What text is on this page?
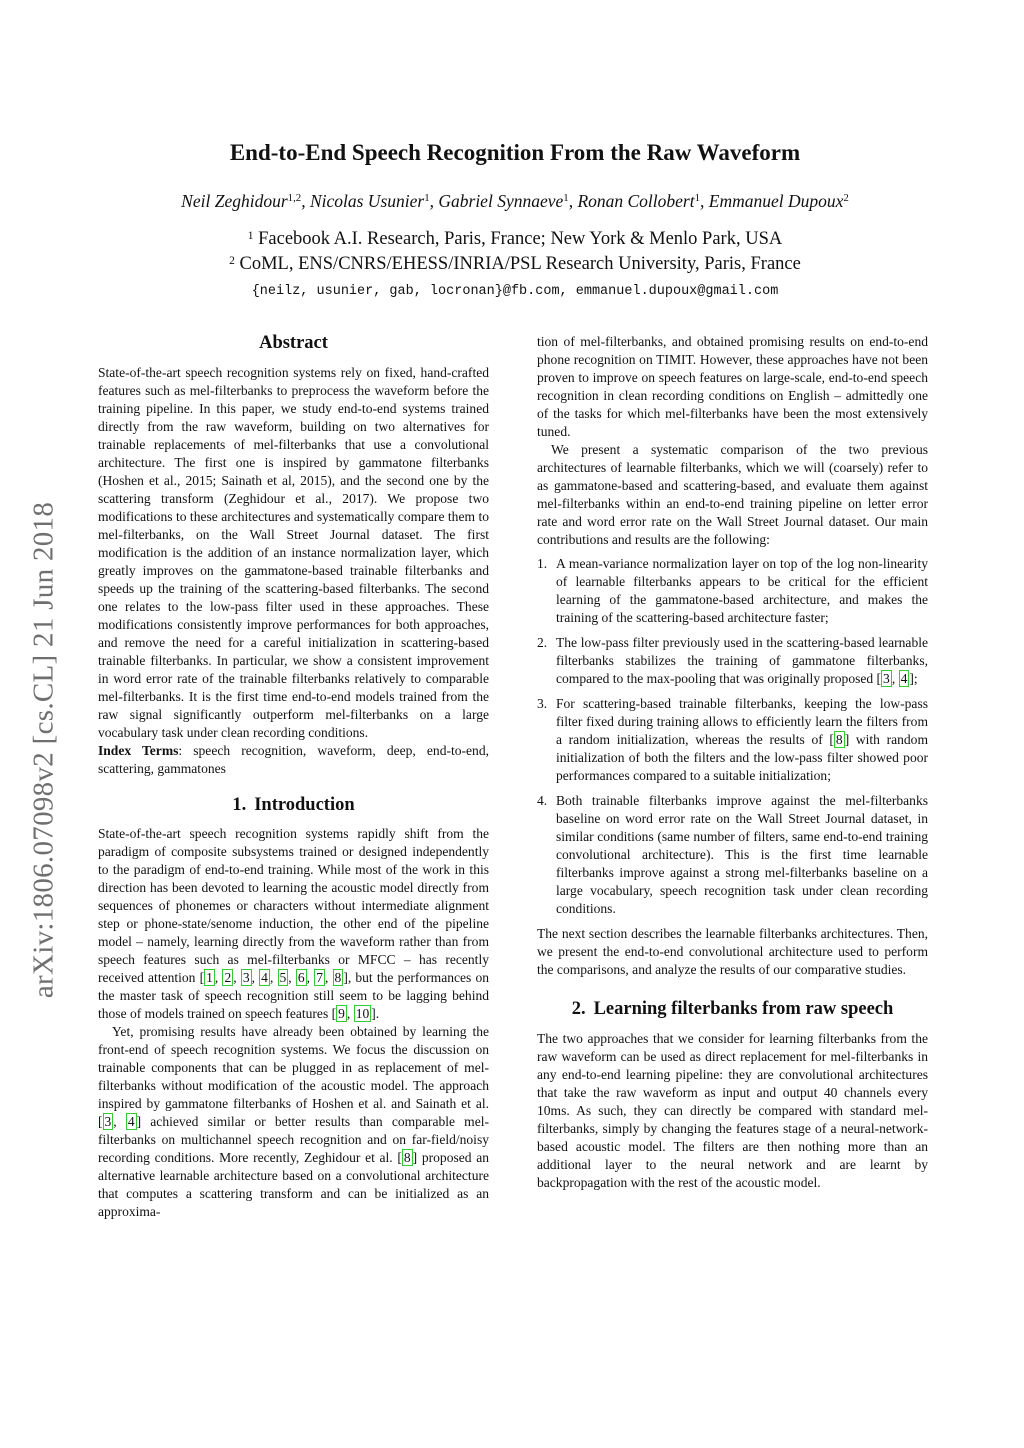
arXiv:1806.07098v2 [cs.CL] 21 Jun 2018
End-to-End Speech Recognition From the Raw Waveform
Neil Zeghidour$^{1,2}$, Nicolas Usunier$^1$, Gabriel Synnaeve$^1$, Ronan Collobert$^1$, Emmanuel Dupoux$^2$
$^1$ Facebook A.I. Research, Paris, France; New York & Menlo Park, USA
$^2$ CoML, ENS/CNRS/EHESS/INRIA/PSL Research University, Paris, France
{neilz, usunier, gab, locronan}@fb.com, emmanuel.dupoux@gmail.com
Abstract

State-of-the-art speech recognition systems rely on fixed, hand-crafted features such as mel-filterbanks to preprocess the waveform before the training pipeline. In this paper, we study end-to-end systems trained directly from the raw waveform, building on two alternatives for trainable replacements of mel-filterbanks that use a convolutional architecture. The first one is inspired by gammatone filterbanks (Hoshen et al., 2015; Sainath et al, 2015), and the second one by the scattering transform (Zeghidour et al., 2017). We propose two modifications to these architectures and systematically compare them to mel-filterbanks, on the Wall Street Journal dataset. The first modification is the addition of an instance normalization layer, which greatly improves on the gammatone-based trainable filterbanks and speeds up the training of the scattering-based filterbanks. The second one relates to the low-pass filter used in these approaches. These modifications consistently improve performances for both approaches, and remove the need for a careful initialization in scattering-based trainable filterbanks. In particular, we show a consistent improvement in word error rate of the trainable filterbanks relatively to comparable mel-filterbanks. It is the first time end-to-end models trained from the raw signal significantly outperform mel-filterbanks on a large vocabulary task under clean recording conditions.

Index Terms: speech recognition, waveform, deep, end-to-end, scattering, gammatones

1. Introduction

State-of-the-art speech recognition systems rapidly shift from the paradigm of composite subsystems trained or designed independently to the paradigm of end-to-end training. While most of the work in this direction has been devoted to learning the acoustic model directly from sequences of phonemes or characters without intermediate alignment step or phone-state/senome induction, the other end of the pipeline model – namely, learning directly from the waveform rather than from speech features such as mel-filterbanks or MFCC – has recently received attention [ 1 , 2 , 3 , 4 , 5 , 6 , 7 , 8 ], but the performances on the master task of speech recognition still seem to be lagging behind those of models trained on speech features [ 9 , 10 ].

Yet, promising results have already been obtained by learning the front-end of speech recognition systems. We focus the discussion on trainable components that can be plugged in as replacement of mel-filterbanks without modification of the acoustic model. The approach inspired by gammatone filterbanks of Hoshen et al. and Sainath et al. [ 3 , 4 ] achieved similar or better results than comparable mel-filterbanks on multichannel speech recognition and on far-field/noisy recording conditions. More recently, Zeghidour et al. [ 8 ] proposed an alternative learnable architecture based on a convolutional architecture that computes a scattering transform and can be initialized as an approxima-

tion of mel-filterbanks, and obtained promising results on end-to-end phone recognition on TIMIT. However, these approaches have not been proven to improve on speech features on large-scale, end-to-end speech recognition in clean recording conditions on English – admittedly one of the tasks for which mel-filterbanks have been the most extensively tuned.

We present a systematic comparison of the two previous architectures of learnable filterbanks, which we will (coarsely) refer to as gammatone-based and scattering-based, and evaluate them against mel-filterbanks within an end-to-end training pipeline on letter error rate and word error rate on the Wall Street Journal dataset. Our main contributions and results are the following:

1. A mean-variance normalization layer on top of the log non-linearity of learnable filterbanks appears to be critical for the efficient learning of the gammatone-based architecture, and makes the training of the scattering-based architecture faster;
2. The low-pass filter previously used in the scattering-based learnable filterbanks stabilizes the training of gammatone filterbanks, compared to the max-pooling that was originally proposed [ 3 , 4 ];
3. For scattering-based trainable filterbanks, keeping the low-pass filter fixed during training allows to efficiently learn the filters from a random initialization, whereas the results of [ 8 ] with random initialization of both the filters and the low-pass filter showed poor performances compared to a suitable initialization;
4. Both trainable filterbanks improve against the mel-filterbanks baseline on word error rate on the Wall Street Journal dataset, in similar conditions (same number of filters, same end-to-end training convolutional architecture). This is the first time learnable filterbanks improve against a strong mel-filterbanks baseline on a large vocabulary, speech recognition task under clean recording conditions.

The next section describes the learnable filterbanks architectures. Then, we present the end-to-end convolutional architecture used to perform the comparisons, and analyze the results of our comparative studies.

2. Learning filterbanks from raw speech

The two approaches that we consider for learning filterbanks from the raw waveform can be used as direct replacement for mel-filterbanks in any end-to-end learning pipeline: they are convolutional architectures that take the raw waveform as input and output 40 channels every 10ms. As such, they can directly be compared with standard mel-filterbanks, simply by changing the features stage of a neural-network-based acoustic model. The filters are then nothing more than an additional layer to the neural network and are learnt by backpropagation with the rest of the acoustic model.
